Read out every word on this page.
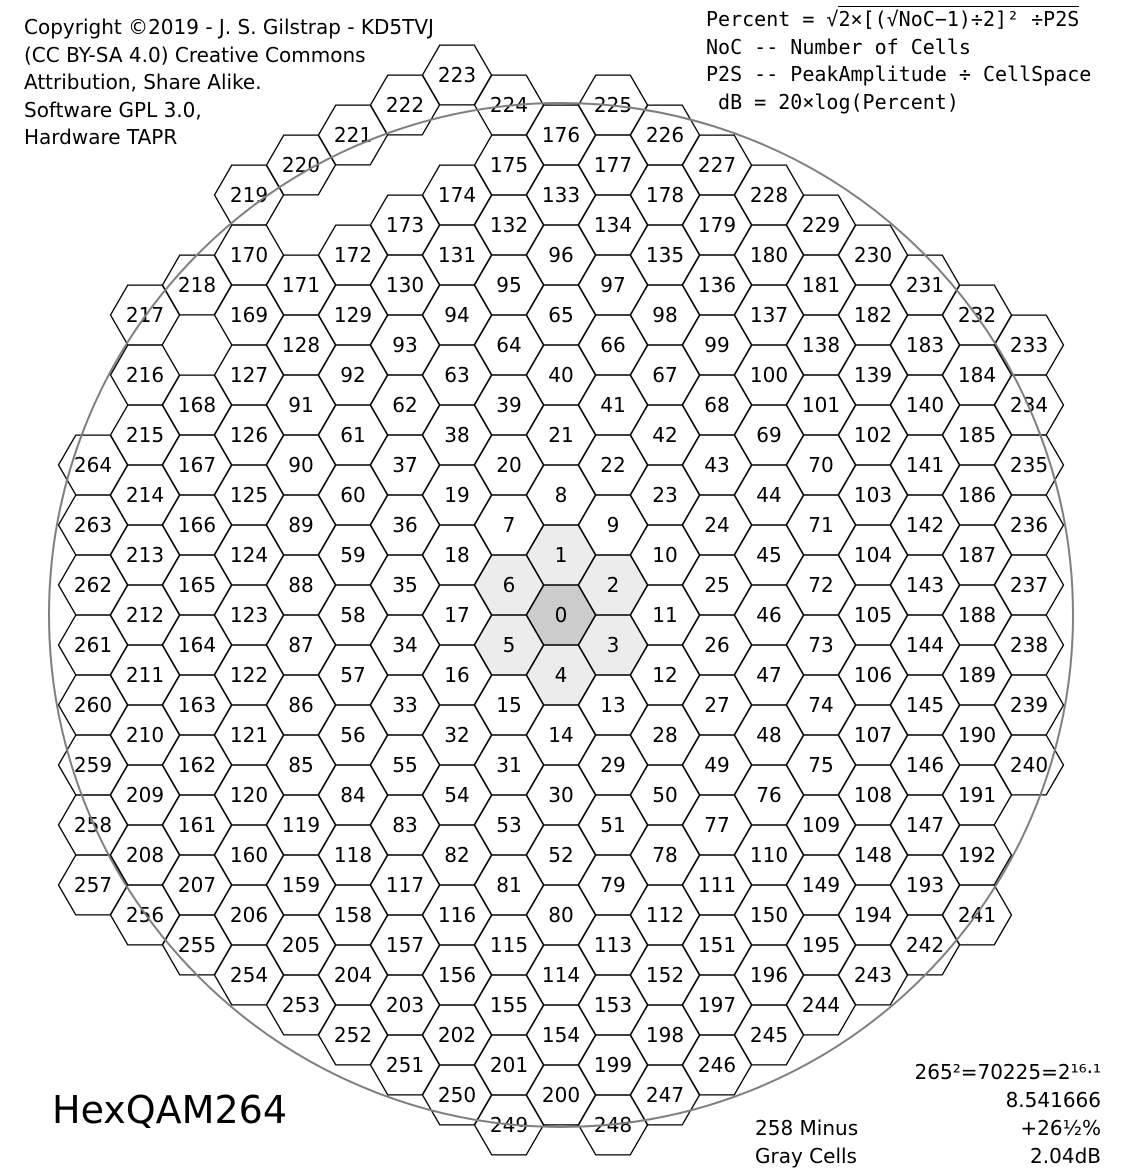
0
1
2
3
4
5
6
7
8
9
10
11
12
13
14
15
16
17
18
19
20
21
22
23
24
25
26
27
28
29
30
31
32
33
34
35
36
37
38
39
40
41
42
43
44
45
46
47
48
49
50
51
52
53
54
55
56
57
58
59
60
61
62
63
64
65
66
67
68
69
70
71
72
73
74
75
76
77
78
79
80
81
82
83
84
85
86
87
88
89
90
91
92
93
94
95
96
97
98
99
100
101
102
103
104
105
106
107
108
109
110
111
112
113
114
115
116
117
118
119
120
121
122
123
124
125
126
127
128
129
130
131
132
133
134
135
136
137
138
139
140
141
142
143
144
145
146
147
148
149
150
151
152
153
154
155
156
157
158
159
160
161
162
163
164
165
166
167
168
169
170
171
172
173
174
175
176
177
178
179
180
181
182
183
184
185
186
187
188
189
190
191
192
193
194
195
196
197
198
199
200
201
202
203
204
205
206
207
208
209
210
211
212
213
214
215
216
217
218
219
220
221
222
223
224	225
226
227
228
229
230
231
232
233
234
235
236
237
238
239
240
241
242
243
244
245
246
247
248
249
250
251
252
253
254
255
256
257
258
259
260
261
262
263
264
Copyright ©2019 - J. S. Gilstrap - KD5TVJ
(CC BY-SA 4.0) Creative Commons
Attribution, Share Alike.
Software GPL 3.0,
Hardware TAPR
Percent = √2×[(√NoC−1)÷2]² ÷P2S
NoC -- Number of Cells
P2S -- PeakAmplitude ÷ CellSpace
dB = 20×log(Percent)
HexQAM264
265²=70225=2¹⁶·¹
8.541666
+26½%
2.04dB
258 Minus
Gray Cells
